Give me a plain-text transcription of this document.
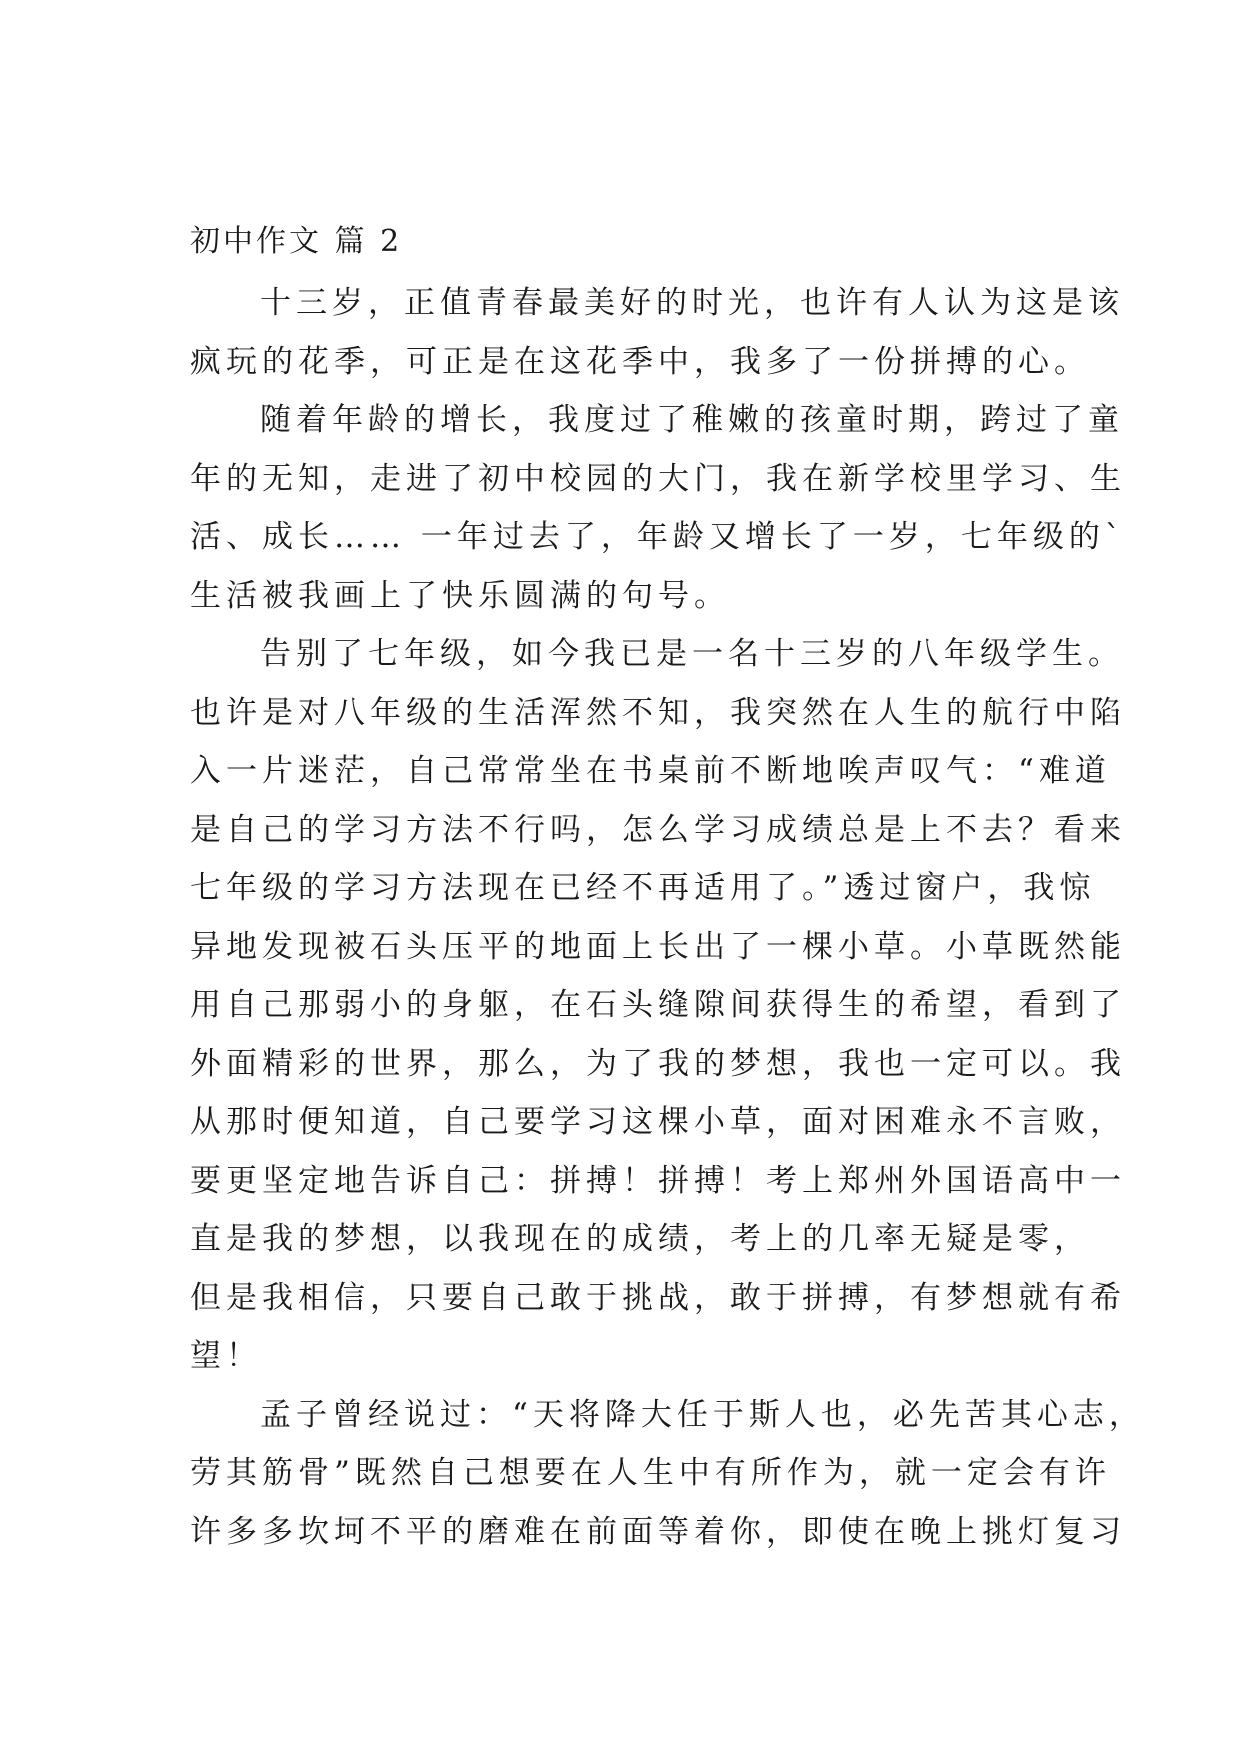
初中作文 篇 2

十三岁，正值青春最美好的时光，也许有人认为这是该
疯玩的花季，可正是在这花季中，我多了一份拼搏的心。

随着年龄的增长，我度过了稚嫩的孩童时期，跨过了童
年的无知，走进了初中校园的大门，我在新学校里学习、生
活、成长…… 一年过去了，年龄又增长了一岁，七年级的`
生活被我画上了快乐圆满的句号。

告别了七年级，如今我已是一名十三岁的八年级学生。
也许是对八年级的生活浑然不知，我突然在人生的航行中陷
入一片迷茫，自己常常坐在书桌前不断地唉声叹气：“难道
是自己的学习方法不行吗，怎么学习成绩总是上不去？看来
七年级的学习方法现在已经不再适用了。”透过窗户，我惊
异地发现被石头压平的地面上长出了一棵小草。小草既然能
用自己那弱小的身躯，在石头缝隙间获得生的希望，看到了
外面精彩的世界，那么，为了我的梦想，我也一定可以。我
从那时便知道，自己要学习这棵小草，面对困难永不言败，
要更坚定地告诉自己：拼搏！拼搏！考上郑州外国语高中一
直是我的梦想，以我现在的成绩，考上的几率无疑是零，
但是我相信，只要自己敢于挑战，敢于拼搏，有梦想就有希
望！

孟子曾经说过：“天将降大任于斯人也，必先苦其心志，
劳其筋骨”既然自己想要在人生中有所作为，就一定会有许
许多多坎坷不平的磨难在前面等着你，即使在晚上挑灯复习
